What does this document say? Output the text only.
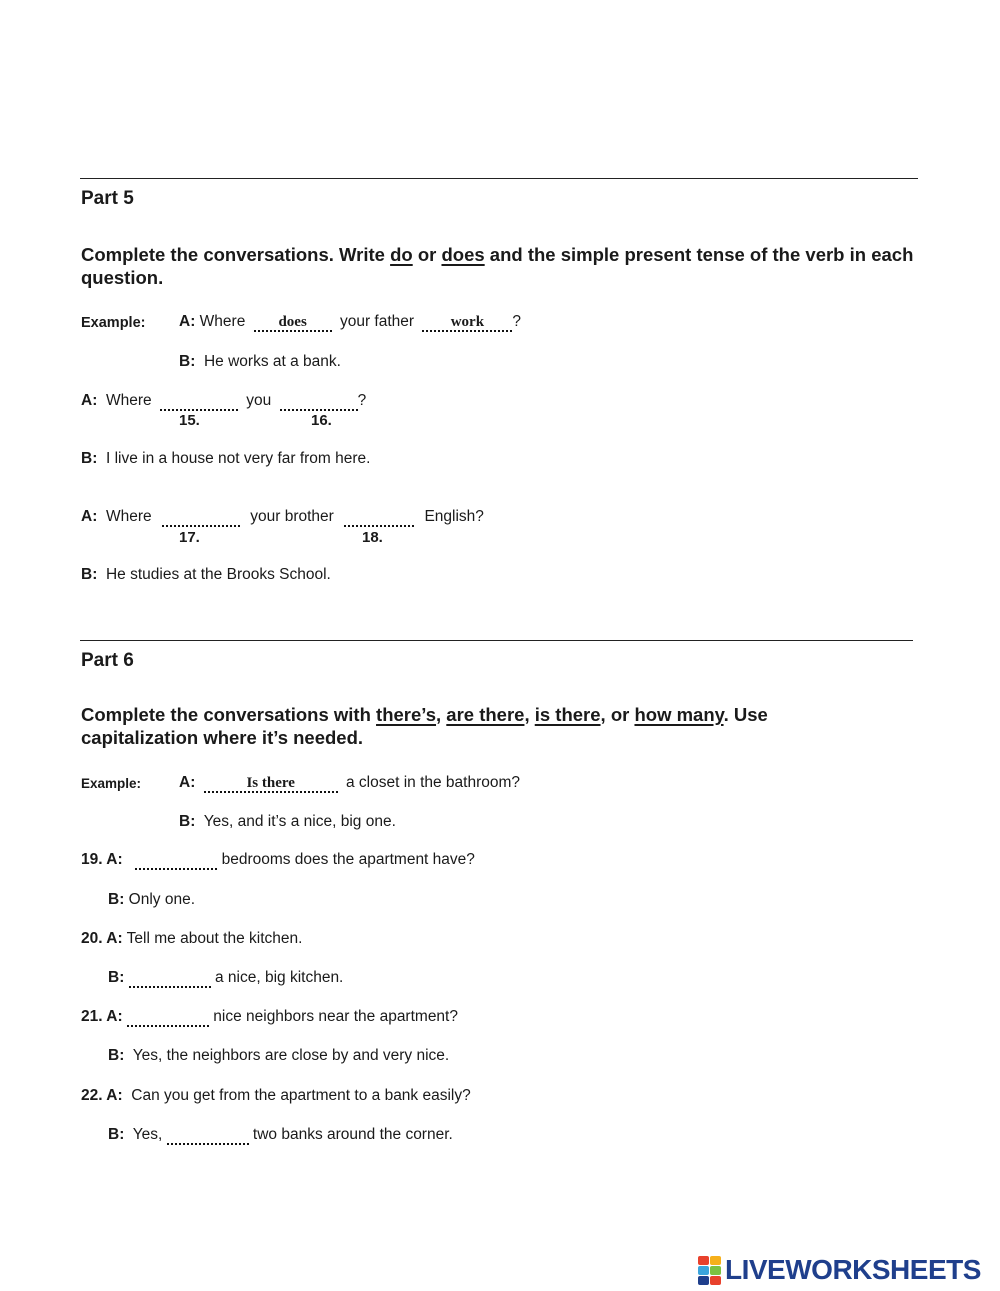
Part 5
Complete the conversations. Write do or does and the simple present tense of the verb in each question.
Example: A: Where does your father work ?
B: He works at a bank.
A: Where	you	?
15.	16.
B: I live in a house not very far from here.
A: Where	your brother	English?
17.	18.
B: He studies at the Brooks School.
Part 6
Complete the conversations with there’s, are there, is there, or how many. Use capitalization where it’s needed.
Example: A:	Is there	a closet in the bathroom?
B: Yes, and it’s a nice, big one.
19. A:	bedrooms does the apartment have?
B: Only one.
20. A: Tell me about the kitchen.
B:	a nice, big kitchen.
21. A:	nice neighbors near the apartment?
B: Yes, the neighbors are close by and very nice.
22. A: Can you get from the apartment to a bank easily?
B: Yes,	two banks around the corner.
LIVEWORKSHEETS
